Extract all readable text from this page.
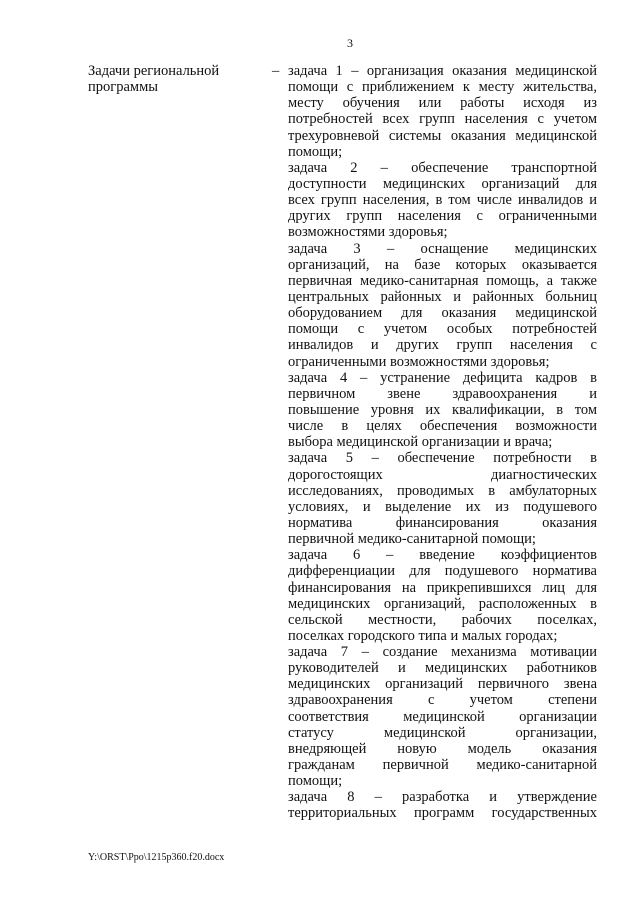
3
Задачи региональной
программы
– задача 1 – организация оказания медицинской
помощи с приближением к месту жительства,
месту обучения или работы исходя из
потребностей всех групп населения с учетом
трехуровневой системы оказания медицинской
помощи;
задача 2 – обеспечение транспортной
доступности медицинских организаций для
всех групп населения, в том числе инвалидов и
других групп населения с ограниченными
возможностями здоровья;
задача 3 – оснащение медицинских
организаций, на базе которых оказывается
первичная медико-санитарная помощь, а также
центральных районных и районных больниц
оборудованием для оказания медицинской
помощи с учетом особых потребностей
инвалидов и других групп населения с
ограниченными возможностями здоровья;
задача 4 – устранение дефицита кадров в
первичном звене здравоохранения и
повышение уровня их квалификации, в том
числе в целях обеспечения возможности
выбора медицинской организации и врача;
задача 5 – обеспечение потребности в
дорогостоящих диагностических
исследованиях, проводимых в амбулаторных
условиях, и выделение их из подушевого
норматива финансирования оказания
первичной медико-санитарной помощи;
задача 6 – введение коэффициентов
дифференциации для подушевого норматива
финансирования на прикрепившихся лиц для
медицинских организаций, расположенных в
сельской местности, рабочих поселках,
поселках городского типа и малых городах;
задача 7 – создание механизма мотивации
руководителей и медицинских работников
медицинских организаций первичного звена
здравоохранения с учетом степени
соответствия медицинской организации
статусу медицинской организации,
внедряющей новую модель оказания
гражданам первичной медико-санитарной
помощи;
задача 8 – разработка и утверждение
территориальных программ государственных
Y:\ORST\Ppo\1215p360.f20.docx
